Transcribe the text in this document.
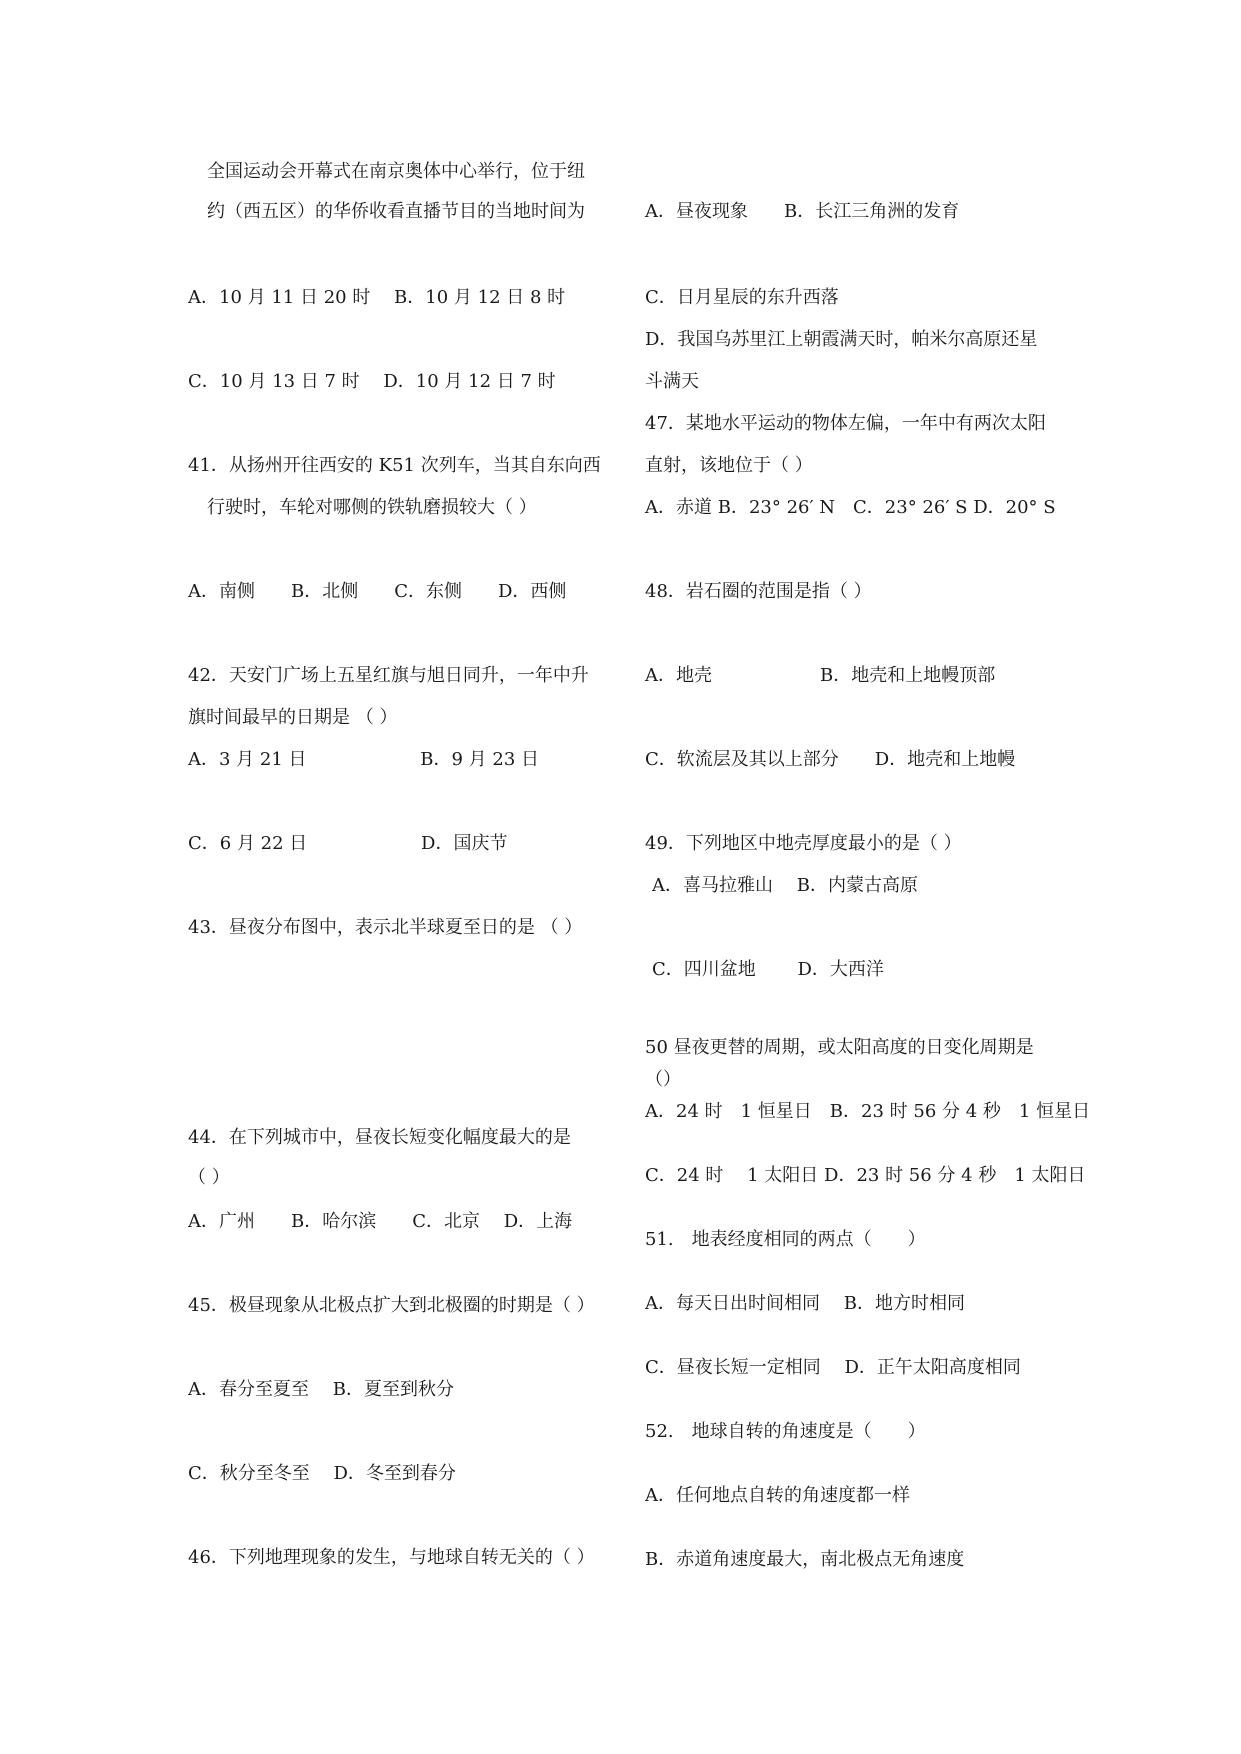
全国运动会开幕式在南京奥体中心举行，位于纽
约（西五区）的华侨收看直播节目的当地时间为
A．10 月 11 日 20 时　 B．10 月 12 日 8 时
C．10 月 13 日 7 时　 D．10 月 12 日 7 时
41．从扬州开往西安的 K51 次列车，当其自东向西
行驶时，车轮对哪侧的铁轨磨损较大（ ）
A．南侧　　B．北侧　　C．东侧　　D．西侧
42．天安门广场上五星红旗与旭日同升，一年中升
旗时间最早的日期是 （ ）
A．3 月 21 日　　　　　　 B．9 月 23 日
C．6 月 22 日　　　　　　 D．国庆节
43．昼夜分布图中，表示北半球夏至日的是 （ ）
44．在下列城市中，昼夜长短变化幅度最大的是
（ ）
A．广州　　B．哈尔滨　　C．北京　 D．上海
45．极昼现象从北极点扩大到北极圈的时期是（ ）
A．春分至夏至　 B．夏至到秋分
C．秋分至冬至　 D．冬至到春分
46．下列地理现象的发生，与地球自转无关的（ ）
A．昼夜现象　　B．长江三角洲的发育
C．日月星辰的东升西落
D．我国乌苏里江上朝霞满天时，帕米尔高原还星
斗满天
47．某地水平运动的物体左偏，一年中有两次太阳
直射，该地位于（ ）
A．赤道 B．23° 26′ N　C．23° 26′ S D．20° S
48．岩石圈的范围是指（ ）
A．地壳　　　　　　B．地壳和上地幔顶部
C．软流层及其以上部分　　D．地壳和上地幔
49．下列地区中地壳厚度最小的是（ ）
A．喜马拉雅山　 B．内蒙古高原
C．四川盆地　　 D．大西洋
50 昼夜更替的周期，或太阳高度的日变化周期是
（）
A．24 时　1 恒星日　B．23 时 56 分 4 秒　1 恒星日
C．24 时　 1 太阳日 D．23 时 56 分 4 秒　1 太阳日
51.　地表经度相同的两点（　　）
A．每天日出时间相同　 B．地方时相同
C．昼夜长短一定相同　 D．正午太阳高度相同
52.　地球自转的角速度是（　　）
A．任何地点自转的角速度都一样
B．赤道角速度最大，南北极点无角速度
